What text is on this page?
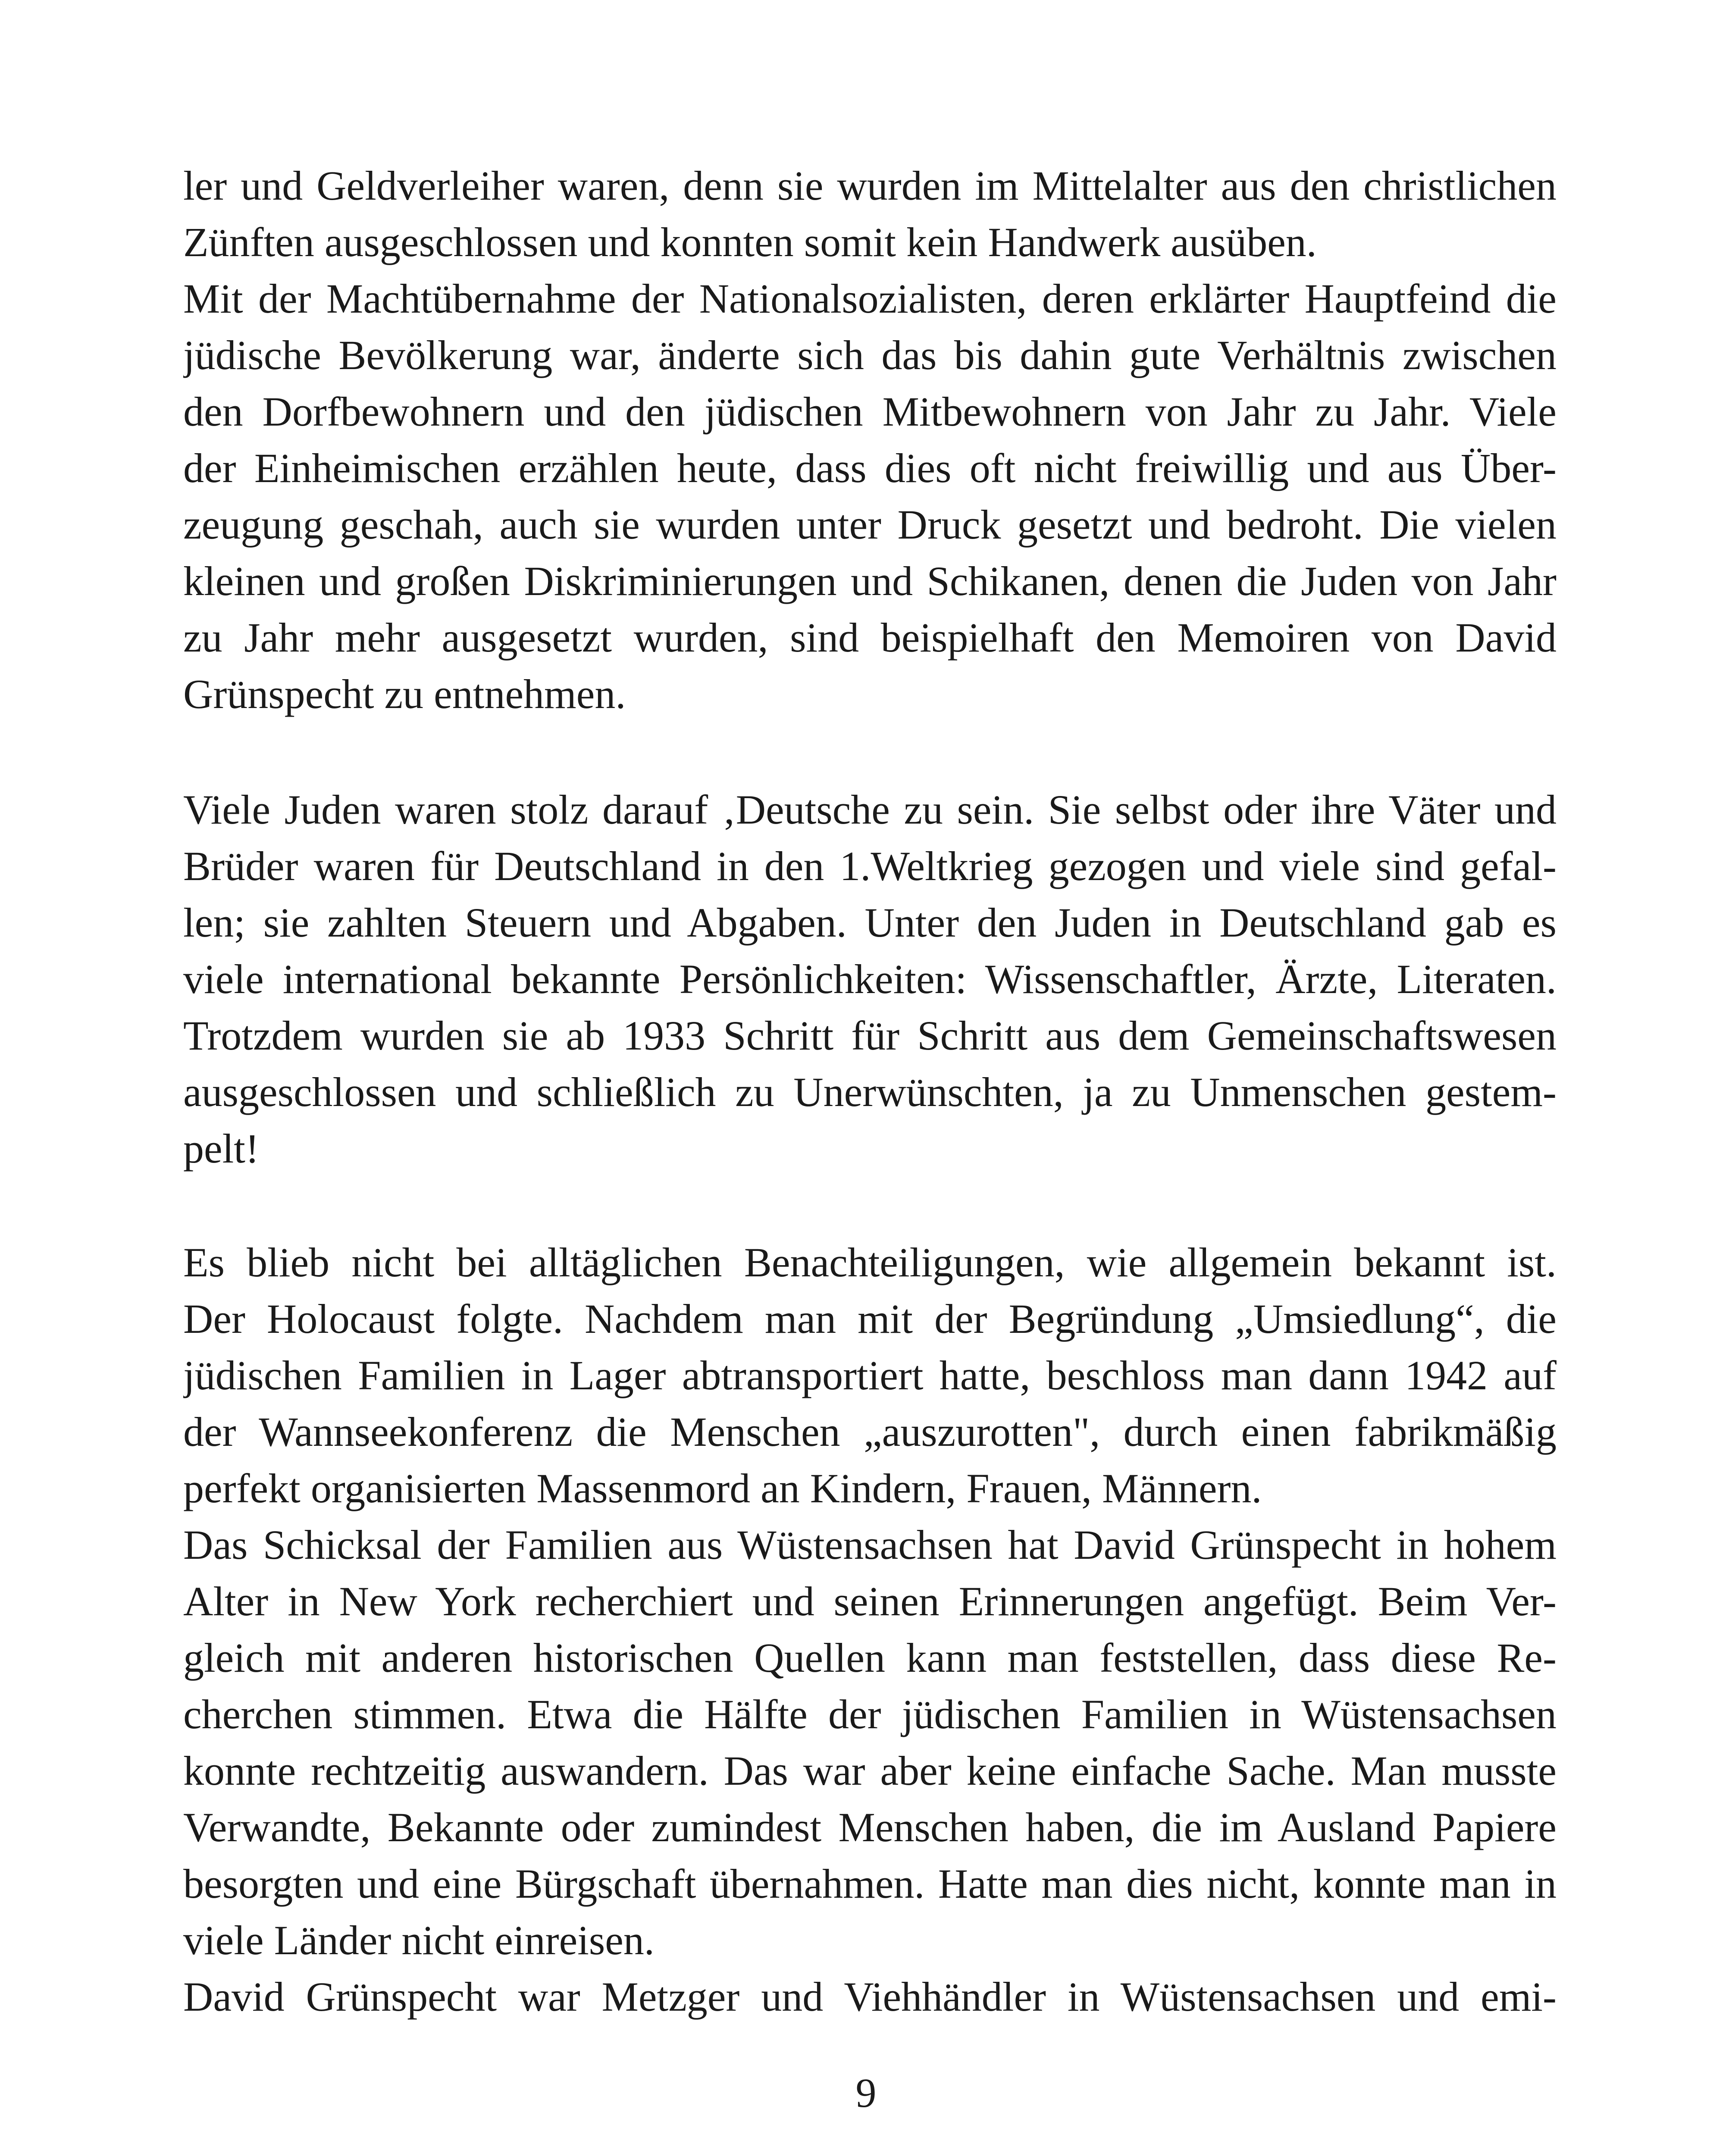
ler und Geldverleiher waren, denn sie wurden im Mittelalter aus den christlichen
Zünften ausgeschlossen und konnten somit kein Handwerk ausüben.
Mit der Machtübernahme der Nationalsozialisten, deren erklärter Hauptfeind die
jüdische Bevölkerung war, änderte sich das bis dahin gute Verhältnis zwischen
den Dorfbewohnern und den jüdischen Mitbewohnern von Jahr zu Jahr. Viele
der Einheimischen erzählen heute, dass dies oft nicht freiwillig und aus Über-
zeugung geschah, auch sie wurden unter Druck gesetzt und bedroht. Die vielen
kleinen und großen Diskriminierungen und Schikanen, denen die Juden von Jahr
zu Jahr mehr ausgesetzt wurden, sind beispielhaft den Memoiren von David
Grünspecht zu entnehmen.
Viele Juden waren stolz darauf ‚Deutsche zu sein. Sie selbst oder ihre Väter und
Brüder waren für Deutschland in den 1.Weltkrieg gezogen und viele sind gefal-
len; sie zahlten Steuern und Abgaben. Unter den Juden in Deutschland gab es
viele international bekannte Persönlichkeiten: Wissenschaftler, Ärzte, Literaten.
Trotzdem wurden sie ab 1933 Schritt für Schritt aus dem Gemeinschaftswesen
ausgeschlossen und schließlich zu Unerwünschten, ja zu Unmenschen gestem-
pelt!
Es blieb nicht bei alltäglichen Benachteiligungen, wie allgemein bekannt ist.
Der Holocaust folgte. Nachdem man mit der Begründung „Umsiedlung“, die
jüdischen Familien in Lager abtransportiert hatte, beschloss man dann 1942 auf
der Wannseekonferenz die Menschen „auszurotten", durch einen fabrikmäßig
perfekt organisierten Massenmord an Kindern, Frauen, Männern.
Das Schicksal der Familien aus Wüstensachsen hat David Grünspecht in hohem
Alter in New York recherchiert und seinen Erinnerungen angefügt. Beim Ver-
gleich mit anderen historischen Quellen kann man feststellen, dass diese Re-
cherchen stimmen. Etwa die Hälfte der jüdischen Familien in Wüstensachsen
konnte rechtzeitig auswandern. Das war aber keine einfache Sache. Man musste
Verwandte, Bekannte oder zumindest Menschen haben, die im Ausland Papiere
besorgten und eine Bürgschaft übernahmen. Hatte man dies nicht, konnte man in
viele Länder nicht einreisen.
David Grünspecht war Metzger und Viehhändler in Wüstensachsen und emi-
9
